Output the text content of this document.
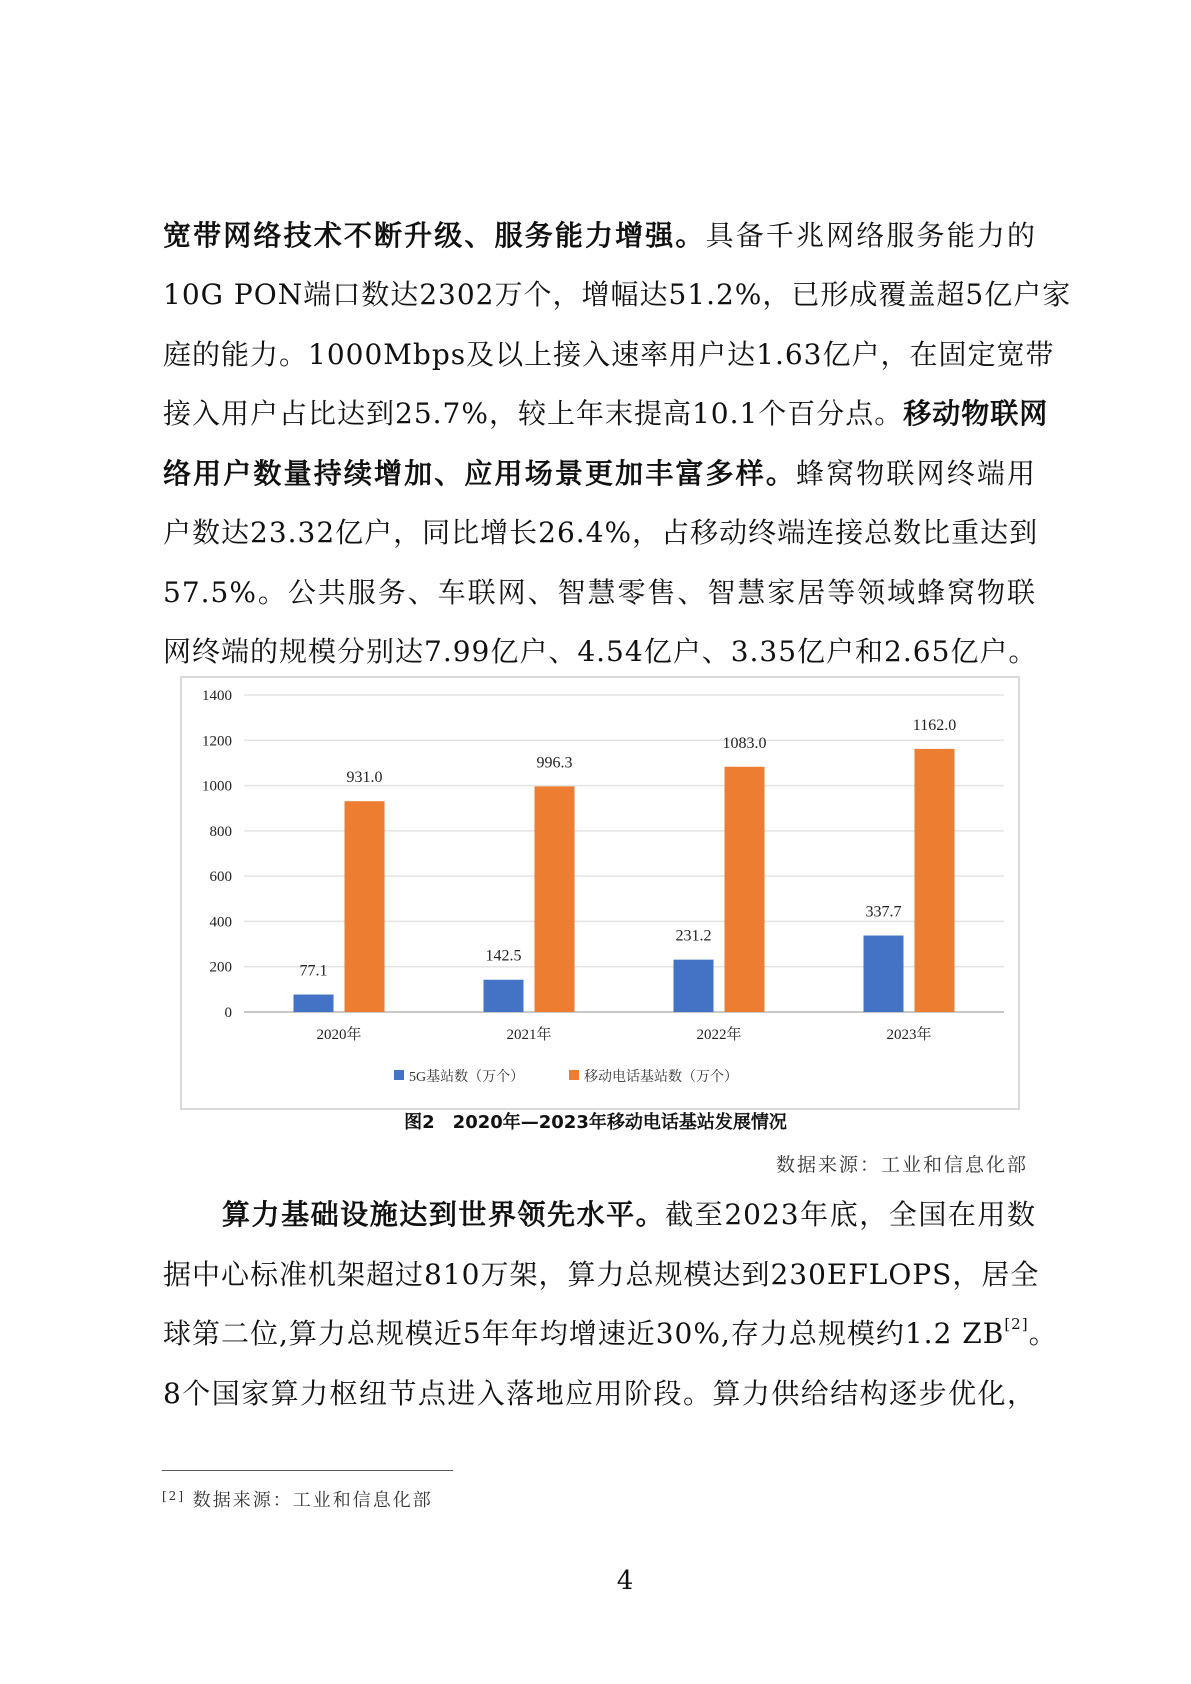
宽带网络技术不断升级、服务能力增强。具备千兆网络服务能力的
10G PON端口数达2302万个，增幅达51.2%，已形成覆盖超5亿户家
庭的能力。1000Mbps及以上接入速率用户达1.63亿户，在固定宽带
接入用户占比达到25.7%，较上年末提高10.1个百分点。移动物联网
络用户数量持续增加、应用场景更加丰富多样。蜂窝物联网终端用
户数达23.32亿户，同比增长26.4%，占移动终端连接总数比重达到
57.5%。公共服务、车联网、智慧零售、智慧家居等领域蜂窝物联
网终端的规模分别达7.99亿户、4.54亿户、3.35亿户和2.65亿户。
0
200
400
600
800
1000
1200
1400
2020年
77.1
931.0
2021年
142.5
996.3
2022年
231.2
1083.0
2023年
337.7
1162.0
5G基站数（万个）	移动电话基站数（万个）
图2　2020年—2023年移动电话基站发展情况
数据来源：工业和信息化部
算力基础设施达到世界领先水平。截至2023年底，全国在用数
据中心标准机架超过810万架，算力总规模达到230EFLOPS，居全
球第二位,算力总规模近5年年均增速近30%,存力总规模约1.2 ZB[2]。
8个国家算力枢纽节点进入落地应用阶段。算力供给结构逐步优化，
[2] 数据来源：工业和信息化部
4
